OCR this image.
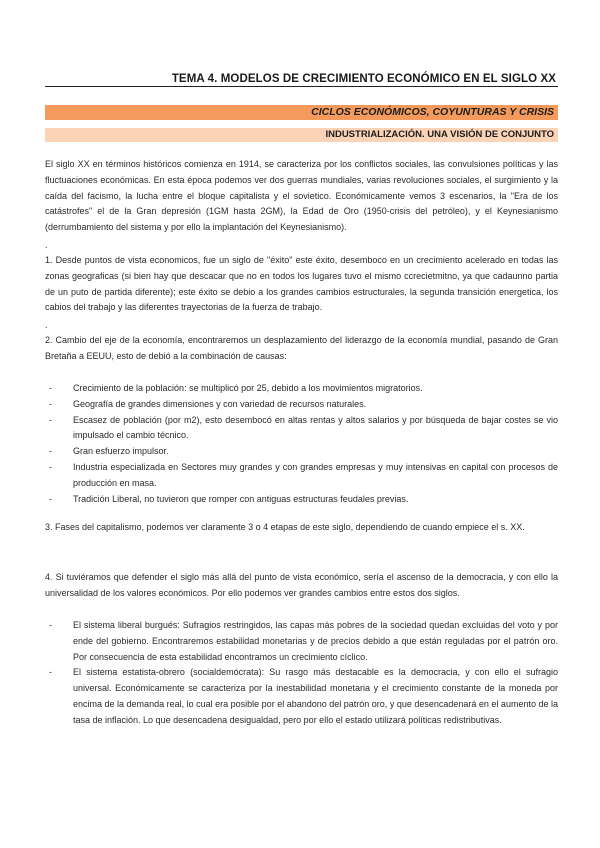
TEMA 4. MODELOS DE CRECIMIENTO ECONÓMICO EN EL SIGLO XX
CICLOS ECONÓMICOS, COYUNTURAS Y CRISIS
INDUSTRIALIZACIÓN. UNA VISIÓN DE CONJUNTO
El siglo XX en términos históricos comienza en 1914, se caracteriza por los conflictos sociales, las convulsiones políticas y las fluctuaciones económicas. En esta época podemos ver dos guerras mundiales, varias revoluciones sociales, el surgimiento y la caída del facismo, la lucha entre el bloque capitalista y el sovietico. Económicamente vemos 3 escenarios, la "Era de los catástrofes" el de la Gran depresión (1GM hasta 2GM), la Edad de Oro (1950-crisis del petróleo), y el Keynesianismo (derrumbamiento del sistema y por ello la implantación del Keynesianismo).
.
1. Desde puntos de vista economicos, fue un siglo de "éxito" este éxito, desemboco en un crecimiento acelerado en todas las zonas geograficas (si bien hay que descacar que no en todos los lugares tuvo el mismo ccrecietmitno, ya que cadaunno partia de un puto de partida diferente); este éxito se debio a los grandes cambios estructurales, la segunda transición energetica, los cabios del trabajo y las diferentes trayectorias de la fuerza de trabajo.
.
2. Cambio del eje de la economía, encontraremos un desplazamiento del liderazgo de la economía mundial, pasando de Gran Bretaña a EEUU, esto de debió a la combinación de causas:
- Crecimiento de la población: se multiplicó por 25, debido a los movimientos migratorios.
- Geografía de grandes dimensiones y con variedad de recursos naturales.
- Escasez de población (por m2), esto desembocó en altas rentas y altos salarios y por búsqueda de bajar costes se vio impulsado el cambio técnico.
- Gran esfuerzo impulsor.
- Industria especializada en Sectores muy grandes y con grandes empresas y muy intensivas en capital con procesos de producción en masa.
- Tradición Liberal, no tuvieron que romper con antiguas estructuras feudales previas.
3. Fases del capitalismo, podemos ver claramente 3 o 4 etapas de este siglo, dependiendo de cuando empiece el s. XX.
4. Si tuviéramos que defender el siglo más allá del punto de vista económico, sería el ascenso de la democracia, y con ello la universalidad de los valores económicos. Por ello podemos ver grandes cambios entre estos dos siglos.
- El sistema liberal burgués: Sufragios restringidos, las capas más pobres de la sociedad quedan excluidas del voto y por ende del gobierno. Encontraremos estabilidad monetarias y de precios debido a que están reguladas por el patrón oro. Por consecuencia de esta estabilidad encontramos un crecimiento cíclico.
- El sistema estatista-obrero (socialdemócrata): Su rasgo más destacable es la democracia, y con ello el sufragio universal. Económicamente se caracteriza por la inestabilidad monetaria y el crecimiento constante de la moneda por encima de la demanda real, lo cual era posible por el abandono del patrón oro, y que desencadenará en el aumento de la tasa de inflación. Lo que desencadena desigualdad, pero por ello el estado utilizará políticas redistributivas.
